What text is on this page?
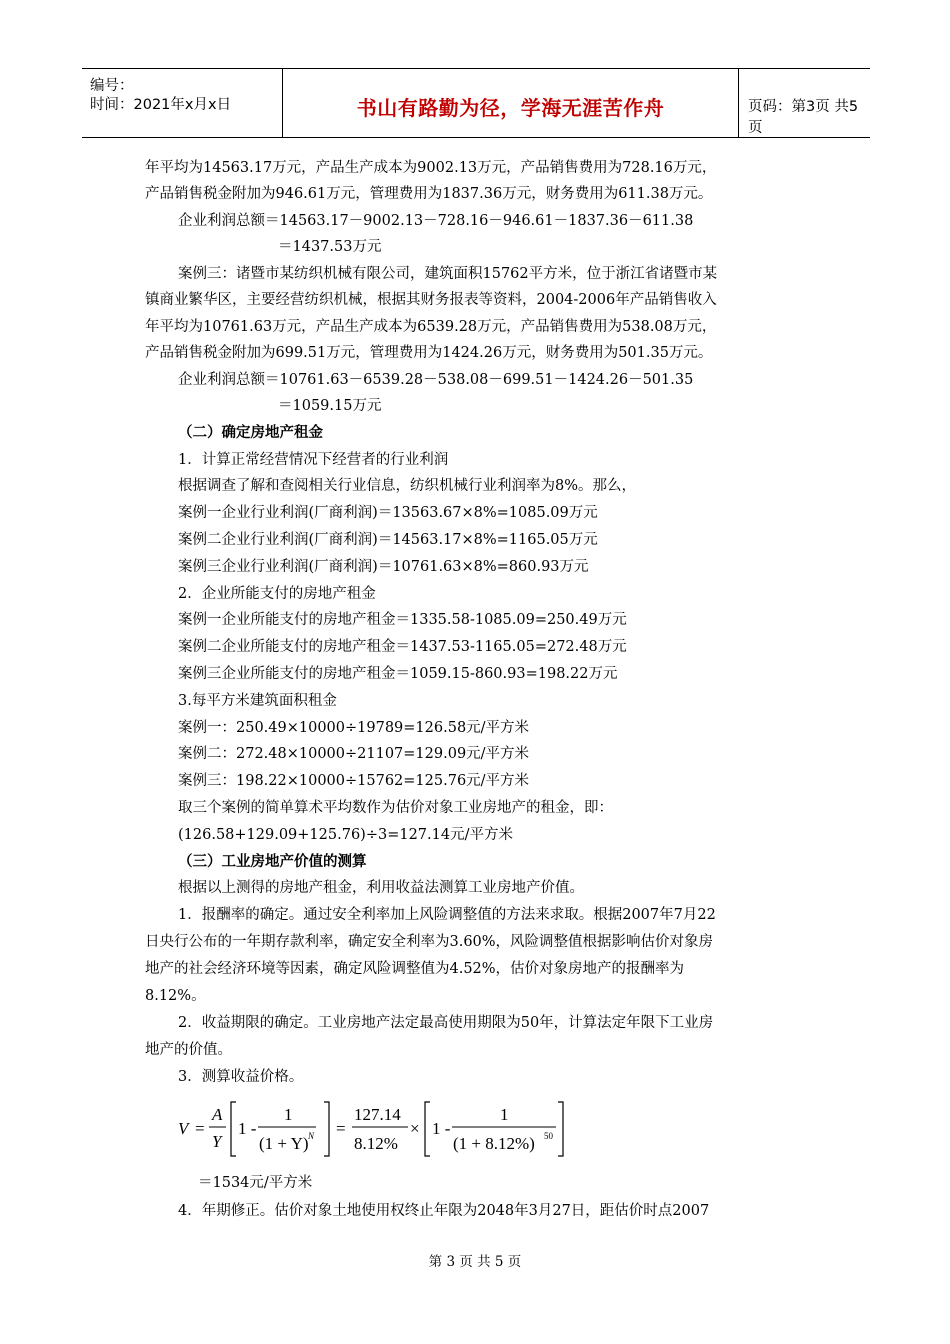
编号：
时间：2021年x月x日	书山有路勤为径，学海无涯苦作舟	页码：第3页 共5页
年平均为14563.17万元，产品生产成本为9002.13万元，产品销售费用为728.16万元，
产品销售税金附加为946.61万元，管理费用为1837.36万元，财务费用为611.38万元。
企业利润总额＝14563.17－9002.13－728.16－946.61－1837.36－611.38
＝1437.53万元
案例三：诸暨市某纺织机械有限公司，建筑面积15762平方米，位于浙江省诸暨市某
镇商业繁华区，主要经营纺织机械，根据其财务报表等资料，2004-2006年产品销售收入
年平均为10761.63万元，产品生产成本为6539.28万元，产品销售费用为538.08万元，
产品销售税金附加为699.51万元，管理费用为1424.26万元，财务费用为501.35万元。
企业利润总额＝10761.63－6539.28－538.08－699.51－1424.26－501.35
＝1059.15万元
（二）确定房地产租金
1．计算正常经营情况下经营者的行业利润
根据调查了解和查阅相关行业信息，纺织机械行业利润率为8%。那么，
案例一企业行业利润(厂商利润)＝13563.67×8%=1085.09万元
案例二企业行业利润(厂商利润)＝14563.17×8%=1165.05万元
案例三企业行业利润(厂商利润)＝10761.63×8%=860.93万元
2．企业所能支付的房地产租金
案例一企业所能支付的房地产租金＝1335.58-1085.09=250.49万元
案例二企业所能支付的房地产租金＝1437.53-1165.05=272.48万元
案例三企业所能支付的房地产租金＝1059.15-860.93=198.22万元
3.每平方米建筑面积租金
案例一：250.49×10000÷19789=126.58元/平方米
案例二：272.48×10000÷21107=129.09元/平方米
案例三：198.22×10000÷15762=125.76元/平方米
取三个案例的简单算术平均数作为估价对象工业房地产的租金，即：
(126.58+129.09+125.76)÷3=127.14元/平方米
（三）工业房地产价值的测算
根据以上测得的房地产租金，利用收益法测算工业房地产价值。
1．报酬率的确定。通过安全利率加上风险调整值的方法来求取。根据2007年7月22
日央行公布的一年期存款利率，确定安全利率为3.60%，风险调整值根据影响估价对象房
地产的社会经济环境等因素，确定风险调整值为4.52%，估价对象房地产的报酬率为
8.12%。
2．收益期限的确定。工业房地产法定最高使用期限为50年，计算法定年限下工业房
地产的价值。
3．测算收益价格。
V =
A
Y
1 -
1
(1 + Y) N =
127.14
8.12%
× 1 -
1
(1 + 8.12%) 50
＝1534元/平方米
4．年期修正。估价对象土地使用权终止年限为2048年3月27日，距估价时点2007
第 3 页 共 5 页
